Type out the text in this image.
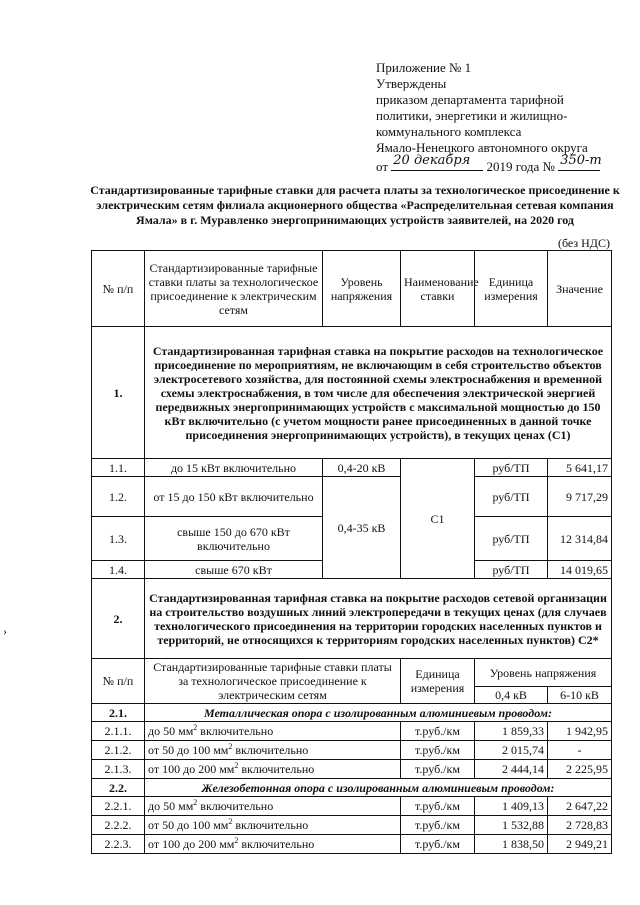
Приложение № 1
Утверждены
приказом департамента тарифной
политики, энергетики и жилищно-
коммунального комплекса
Ямало-Ненецкого автономного округа
от 20 декабря 2019 года № 350-т
Стандартизированные тарифные ставки для расчета платы за технологическое присоединение к электрическим сетям филиала акционерного общества «Распределительная сетевая компания Ямала» в г. Муравленко энергопринимающих устройств заявителей, на 2020 год
(без НДС)
›
№ п/п	Стандартизированные тарифные ставки платы за технологическое присоединение к электрическим сетям	Уровень напряжения	Наименование ставки	Единица измерения	Значение
1.	Стандартизированная тарифная ставка на покрытие расходов на технологическое присоединение по мероприятиям, не включающим в себя строительство объектов электросетевого хозяйства, для постоянной схемы электроснабжения и временной схемы электроснабжения, в том числе для обеспечения электрической энергией передвижных энергопринимающих устройств с максимальной мощностью до 150 кВт включительно (с учетом мощности ранее присоединенных в данной точке присоединения энергопринимающих устройств), в текущих ценах (С1)				
1.1.	до 15 кВт включительно	0,4-20 кВ	С1	руб/ТП	5 641,17
1.2.	от 15 до 150 кВт включительно	0,4-35 кВ		руб/ТП	9 717,29
1.3.	свыше 150 до 670 кВт включительно			руб/ТП	12 314,84
1.4.	свыше 670 кВт			руб/ТП	14 019,65
2.	Стандартизированная тарифная ставка на покрытие расходов сетевой организации на строительство воздушных линий электропередачи в текущих ценах (для случаев технологического присоединения на территории городских населенных пунктов и территорий, не относящихся к территориям городских населенных пунктов) С2*				
№ п/п	Стандартизированные тарифные ставки платы за технологическое присоединение к электрическим сетям		Единица измерения	Уровень напряжения	
				0,4 кВ	6-10 кВ
2.1.	Металлическая опора с изолированным алюминиевым проводом:				
2.1.1.	до 50 $мм^2$ включительно		т.руб./км	1 859,33	1 942,95
2.1.2.	от 50 до 100 $мм^2$ включительно		т.руб./км	2 015,74	-
2.1.3.	от 100 до 200 $мм^2$ включительно		т.руб./км	2 444,14	2 225,95
2.2.	Железобетонная опора с изолированным алюминиевым проводом:				
2.2.1.	до 50 $мм^2$ включительно		т.руб./км	1 409,13	2 647,22
2.2.2.	от 50 до 100 $мм^2$ включительно		т.руб./км	1 532,88	2 728,83
2.2.3.	от 100 до 200 $мм^2$ включительно		т.руб./км	1 838,50	2 949,21
